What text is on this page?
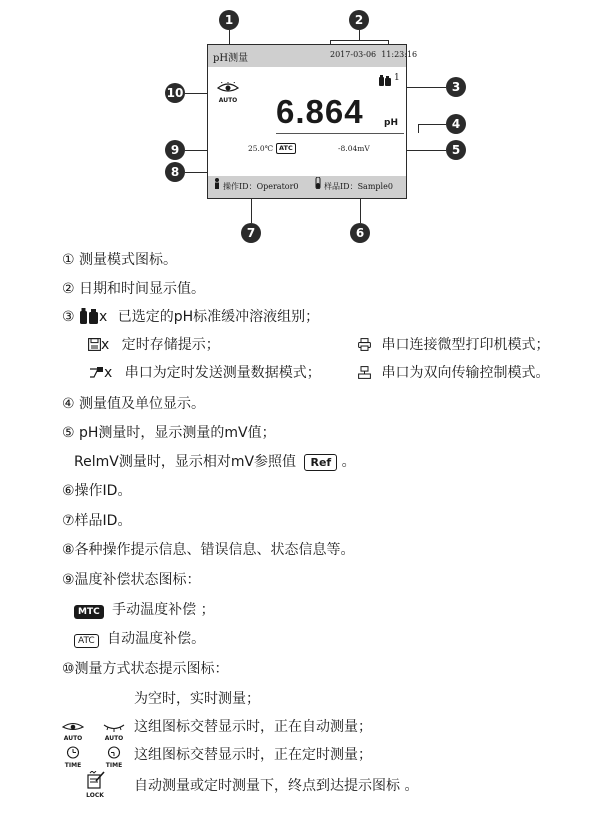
1	2
3
4
5
10
9
8
7	6
pH测量	2017-03-06  11:23:16
AUTO
1
6.864 pH
25.0℃ ATC	-8.04mV
操作ID：Operator0	样品ID：Sample0
① 测量模式图标。
② 日期和时间显示值。
③ x 已选定的pH标准缓冲溶液组别；
x 定时存储提示；	串口连接微型打印机模式；
x 串口为定时发送测量数据模式；	串口为双向传输控制模式。
④ 测量值及单位显示。
⑤ pH测量时，显示测量的mV值；
RelmV测量时，显示相对mV参照值 Ref 。
⑥操作ID。
⑦样品ID。
⑧各种操作提示信息、错误信息、状态信息等。
⑨温度补偿状态图标：
MTC 手动温度补偿 ；
ATC 自动温度补偿。
⑩测量方式状态提示图标：
为空时，实时测量；
AUTO	AUTO
这组图标交替显示时，正在自动测量；
TIME	TIME
这组图标交替显示时，正在定时测量；
LOCK
自动测量或定时测量下，终点到达提示图标 。
